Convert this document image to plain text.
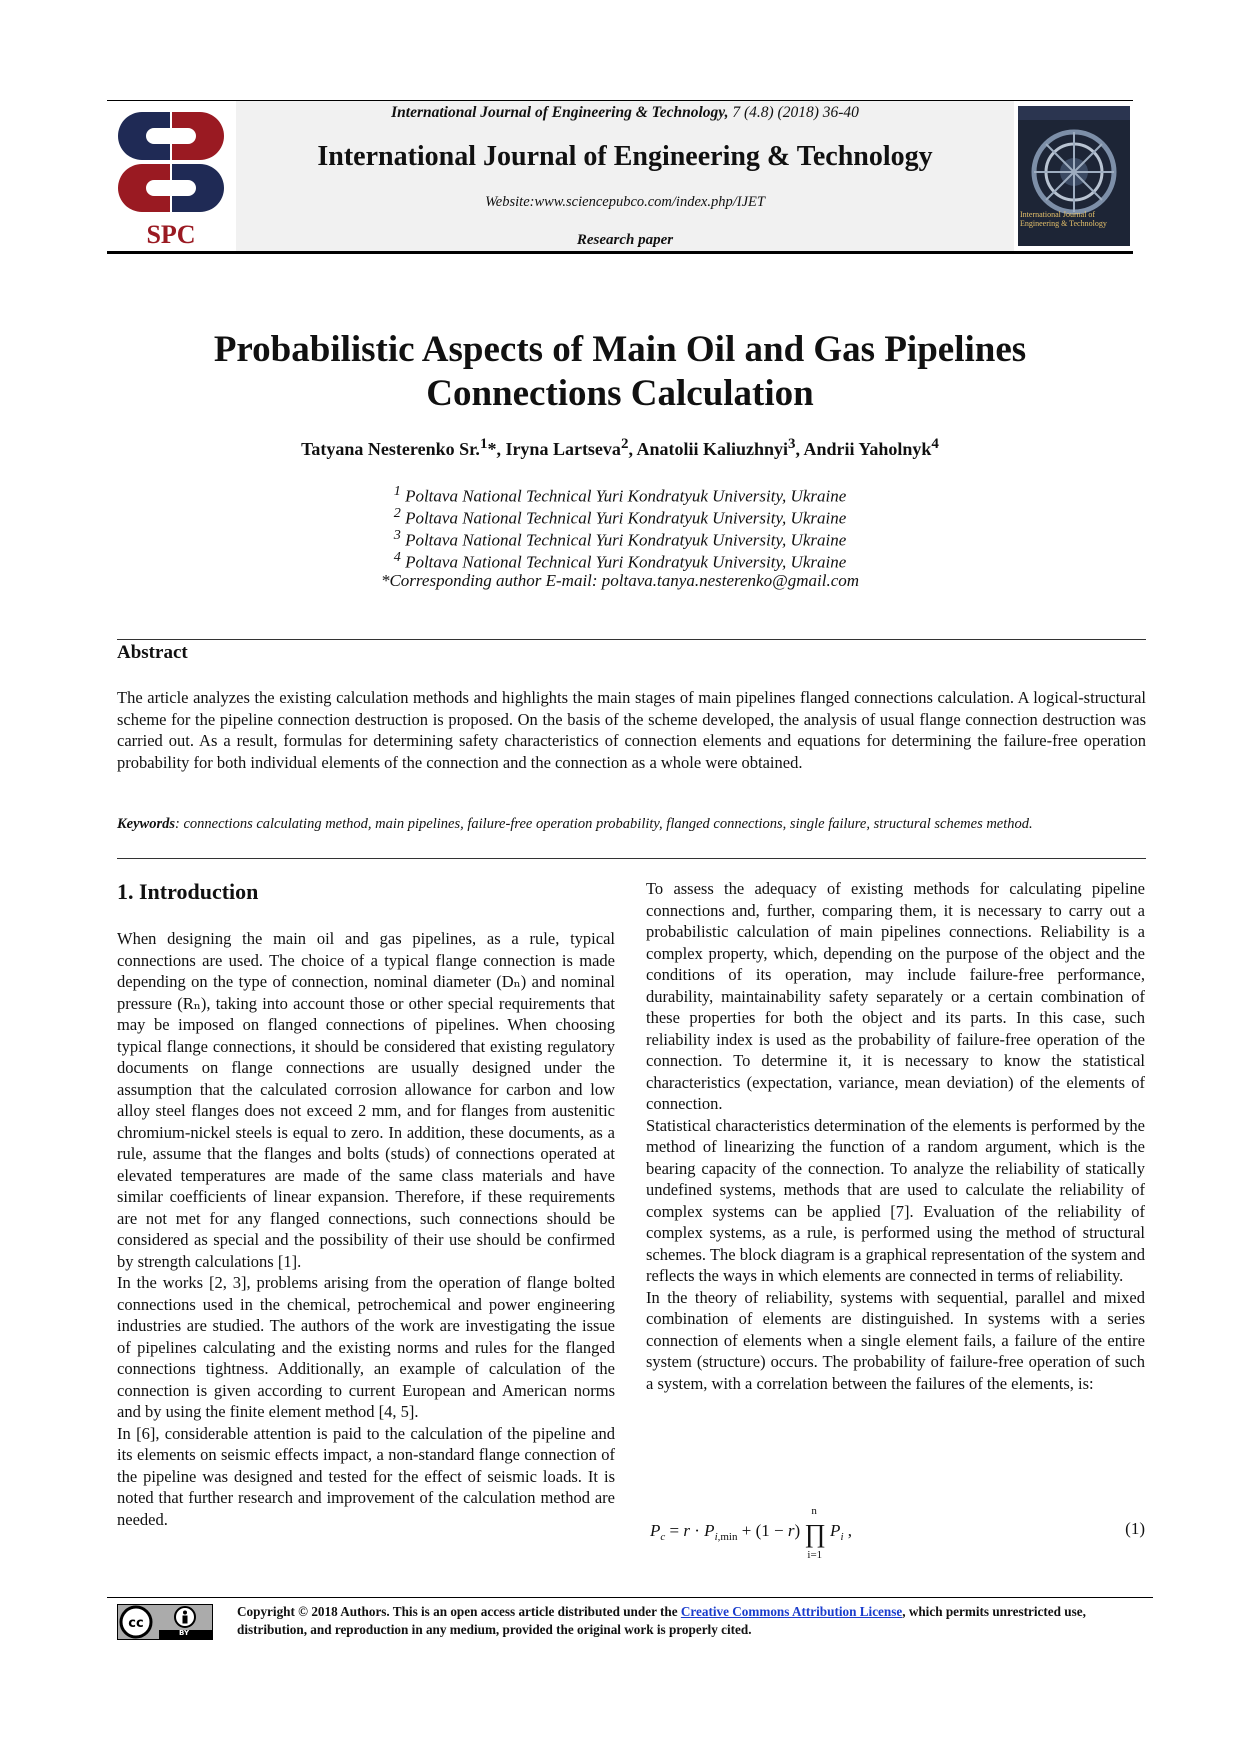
SPC
International Journal of Engineering & Technology, 7 (4.8) (2018) 36-40
International Journal of Engineering & Technology
Website:www.sciencepubco.com/index.php/IJET
Research paper
International Journal of Engineering & Technology
Probabilistic Aspects of Main Oil and Gas Pipelines
Connections Calculation
Tatyana Nesterenko Sr.$^1$*, Iryna Lartseva$^2$, Anatolii Kaliuzhnyi$^3$, Andrii Yaholnyk$^4$
$^1$ Poltava National Technical Yuri Kondratyuk University, Ukraine
$^2$ Poltava National Technical Yuri Kondratyuk University, Ukraine
$^3$ Poltava National Technical Yuri Kondratyuk University, Ukraine
$^4$ Poltava National Technical Yuri Kondratyuk University, Ukraine
*Corresponding author E-mail: poltava.tanya.nesterenko@gmail.com
Abstract
The article analyzes the existing calculation methods and highlights the main stages of main pipelines flanged connections calculation. A logical-structural scheme for the pipeline connection destruction is proposed. On the basis of the scheme developed, the analysis of usual flange connection destruction was carried out. As a result, formulas for determining safety characteristics of connection elements and equations for determining the failure-free operation probability for both individual elements of the connection and the connection as a whole were obtained.
Keywords: connections calculating method, main pipelines, failure-free operation probability, flanged connections, single failure, structural schemes method.
1. Introduction

When designing the main oil and gas pipelines, as a rule, typical connections are used. The choice of a typical flange connection is made depending on the type of connection, nominal diameter (Dₙ) and nominal pressure (Rₙ), taking into account those or other special requirements that may be imposed on flanged connections of pipelines. When choosing typical flange connections, it should be considered that existing regulatory documents on flange connections are usually designed under the assumption that the calculated corrosion allowance for carbon and low alloy steel flanges does not exceed 2 mm, and for flanges from austenitic chromium-nickel steels is equal to zero. In addition, these documents, as a rule, assume that the flanges and bolts (studs) of connections operated at elevated temperatures are made of the same class materials and have similar coefficients of linear expansion. Therefore, if these requirements are not met for any flanged connections, such connections should be considered as special and the possibility of their use should be confirmed by strength calculations [1].

In the works [2, 3], problems arising from the operation of flange bolted connections used in the chemical, petrochemical and power engineering industries are studied. The authors of the work are investigating the issue of pipelines calculating and the existing norms and rules for the flanged connections tightness. Additionally, an example of calculation of the connection is given according to current European and American norms and by using the finite element method [4, 5].

In [6], considerable attention is paid to the calculation of the pipeline and its elements on seismic effects impact, a non-standard flange connection of the pipeline was designed and tested for the effect of seismic loads. It is noted that further research and improvement of the calculation method are needed.

To assess the adequacy of existing methods for calculating pipeline connections and, further, comparing them, it is necessary to carry out a probabilistic calculation of main pipelines connections. Reliability is a complex property, which, depending on the purpose of the object and the conditions of its operation, may include failure-free performance, durability, maintainability safety separately or a certain combination of these properties for both the object and its parts. In this case, such reliability index is used as the probability of failure-free operation of the connection. To determine it, it is necessary to know the statistical characteristics (expectation, variance, mean deviation) of the elements of connection.

Statistical characteristics determination of the elements is performed by the method of linearizing the function of a random argument, which is the bearing capacity of the connection. To analyze the reliability of statically undefined systems, methods that are used to calculate the reliability of complex systems can be applied [7]. Evaluation of the reliability of complex systems, as a rule, is performed using the method of structural schemes. The block diagram is a graphical representation of the system and reflects the ways in which elements are connected in terms of reliability.

In the theory of reliability, systems with sequential, parallel and mixed combination of elements are distinguished. In systems with a series connection of elements when a single element fails, a failure of the entire system (structure) occurs. The probability of failure-free operation of such a system, with a correlation between the failures of the elements, is:

$P_c = r \cdot P_{i,min} + (1 - r)$ ∏
n
i=1
$P_i$ ,	(1)
cc
BY
Copyright © 2018 Authors. This is an open access article distributed under the Creative Commons Attribution License, which permits unrestricted use, distribution, and reproduction in any medium, provided the original work is properly cited.
